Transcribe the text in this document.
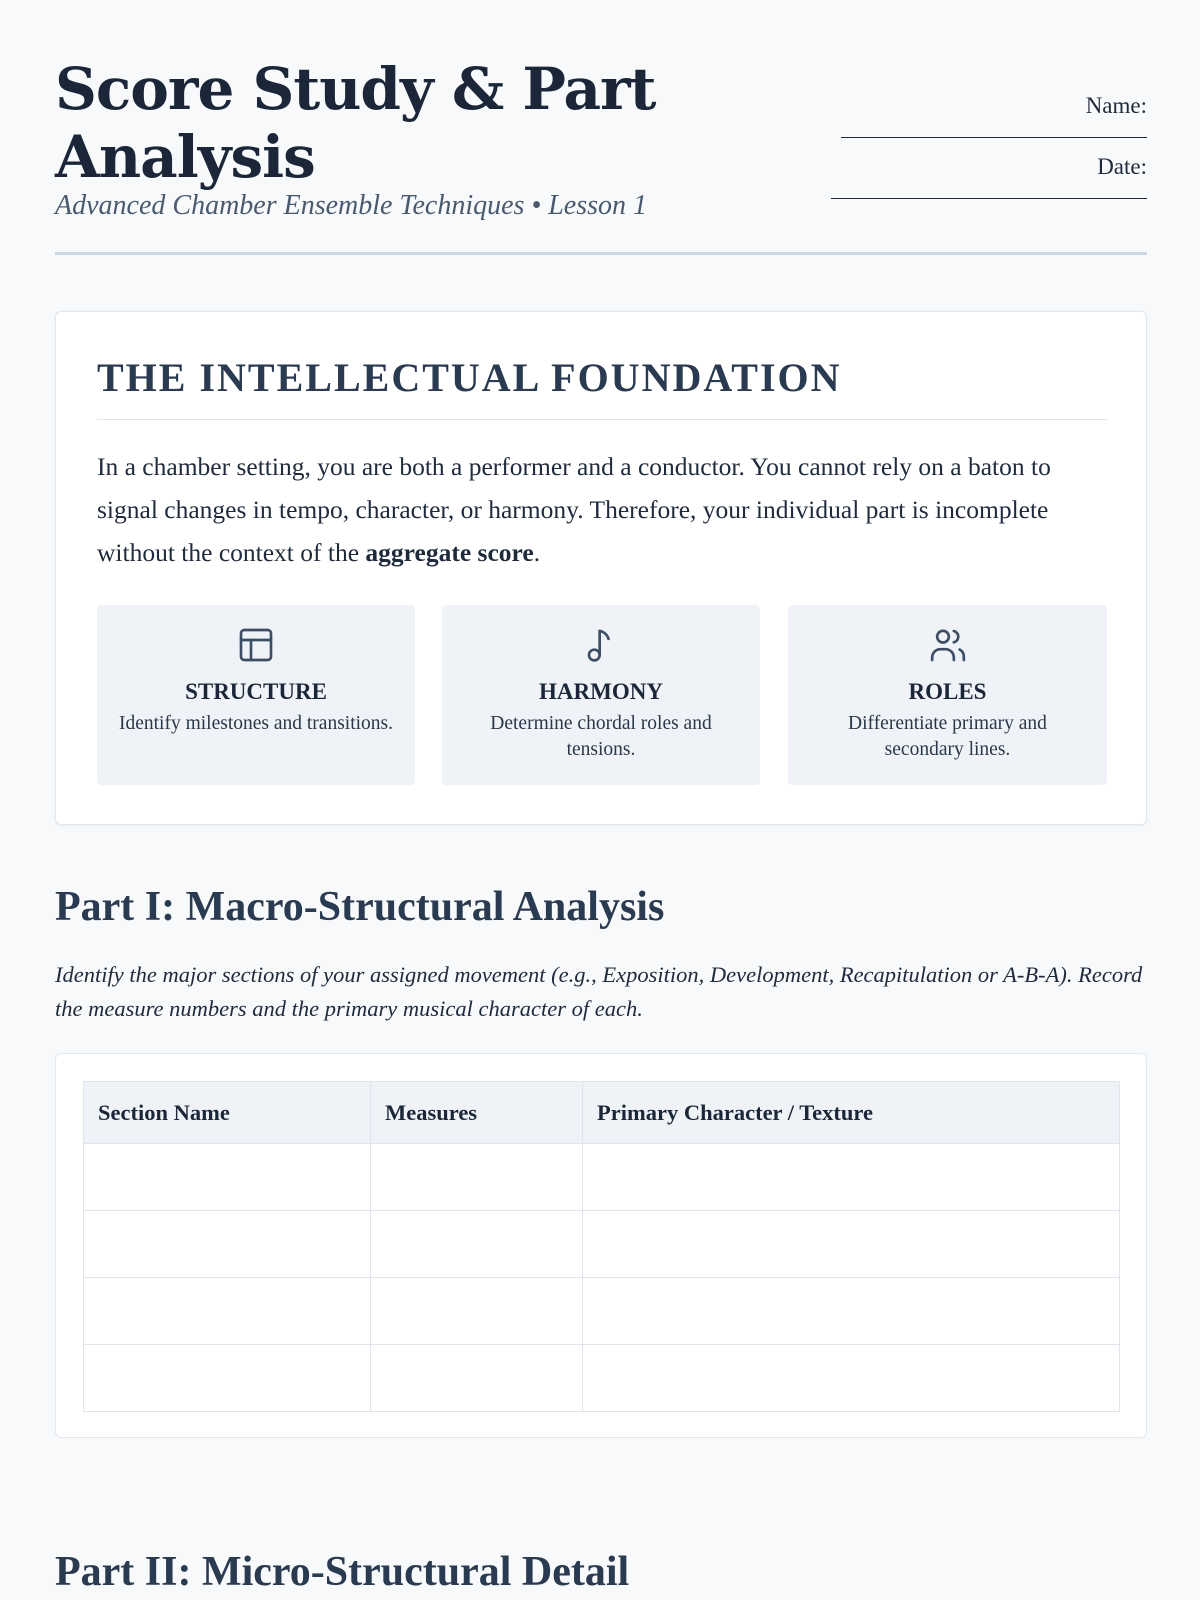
Score Study & Part Analysis
Advanced Chamber Ensemble Techniques • Lesson 1
Name:
Date:
THE INTELLECTUAL FOUNDATION

In a chamber setting, you are both a performer and a conductor. You cannot rely on a baton to signal changes in tempo, character, or harmony. Therefore, your individual part is incomplete without the context of the aggregate score.

STRUCTURE
Identify milestones and transitions.
HARMONY
Determine chordal roles and tensions.
ROLES
Differentiate primary and secondary lines.
Part I: Macro-Structural Analysis

Identify the major sections of your assigned movement (e.g., Exposition, Development, Recapitulation or A-B-A). Record the measure numbers and the primary musical character of each.

Section Name	Measures	Primary Character / Texture

Part II: Micro-Structural Detail
